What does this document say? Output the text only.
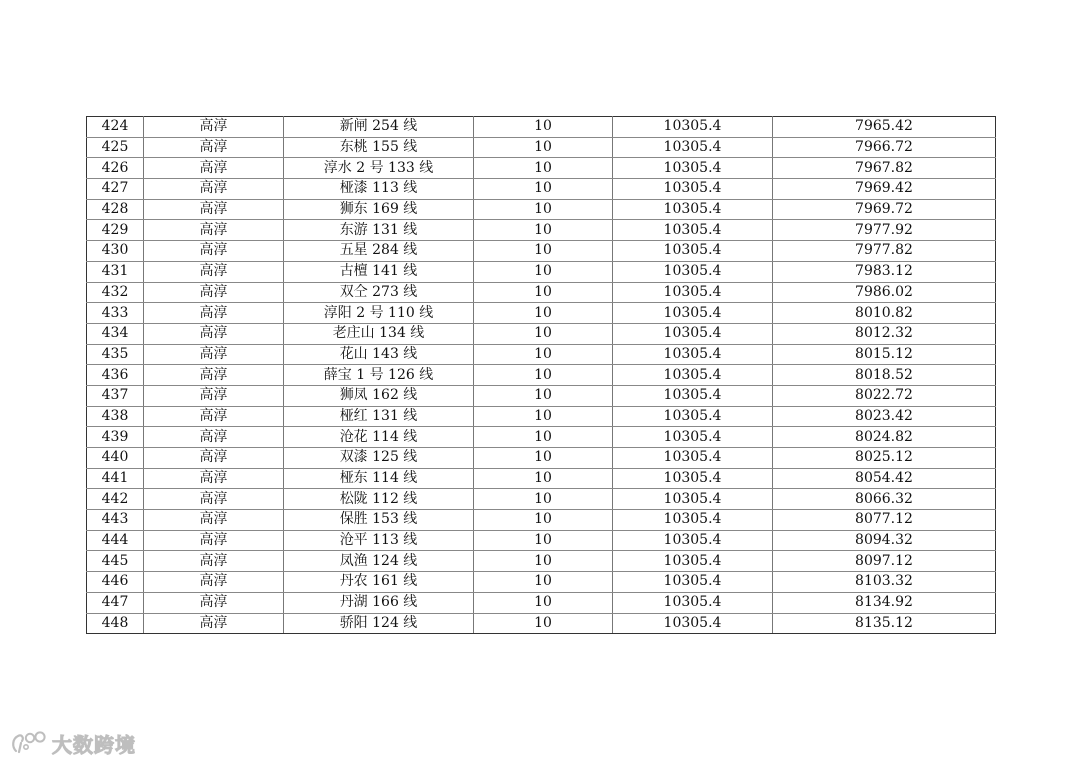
424	高淳	新闸 254 线	10	10305.4	7965.42
425	高淳	东桃 155 线	10	10305.4	7966.72
426	高淳	淳水 2 号 133 线	10	10305.4	7967.82
427	高淳	桠漆 113 线	10	10305.4	7969.42
428	高淳	狮东 169 线	10	10305.4	7969.72
429	高淳	东游 131 线	10	10305.4	7977.92
430	高淳	五星 284 线	10	10305.4	7977.82
431	高淳	古檀 141 线	10	10305.4	7983.12
432	高淳	双仝 273 线	10	10305.4	7986.02
433	高淳	淳阳 2 号 110 线	10	10305.4	8010.82
434	高淳	老庄山 134 线	10	10305.4	8012.32
435	高淳	花山 143 线	10	10305.4	8015.12
436	高淳	薛宝 1 号 126 线	10	10305.4	8018.52
437	高淳	狮凤 162 线	10	10305.4	8022.72
438	高淳	桠红 131 线	10	10305.4	8023.42
439	高淳	沧花 114 线	10	10305.4	8024.82
440	高淳	双漆 125 线	10	10305.4	8025.12
441	高淳	桠东 114 线	10	10305.4	8054.42
442	高淳	松陇 112 线	10	10305.4	8066.32
443	高淳	保胜 153 线	10	10305.4	8077.12
444	高淳	沧平 113 线	10	10305.4	8094.32
445	高淳	凤渔 124 线	10	10305.4	8097.12
446	高淳	丹农 161 线	10	10305.4	8103.32
447	高淳	丹湖 166 线	10	10305.4	8134.92
448	高淳	骄阳 124 线	10	10305.4	8135.12
大数跨境
